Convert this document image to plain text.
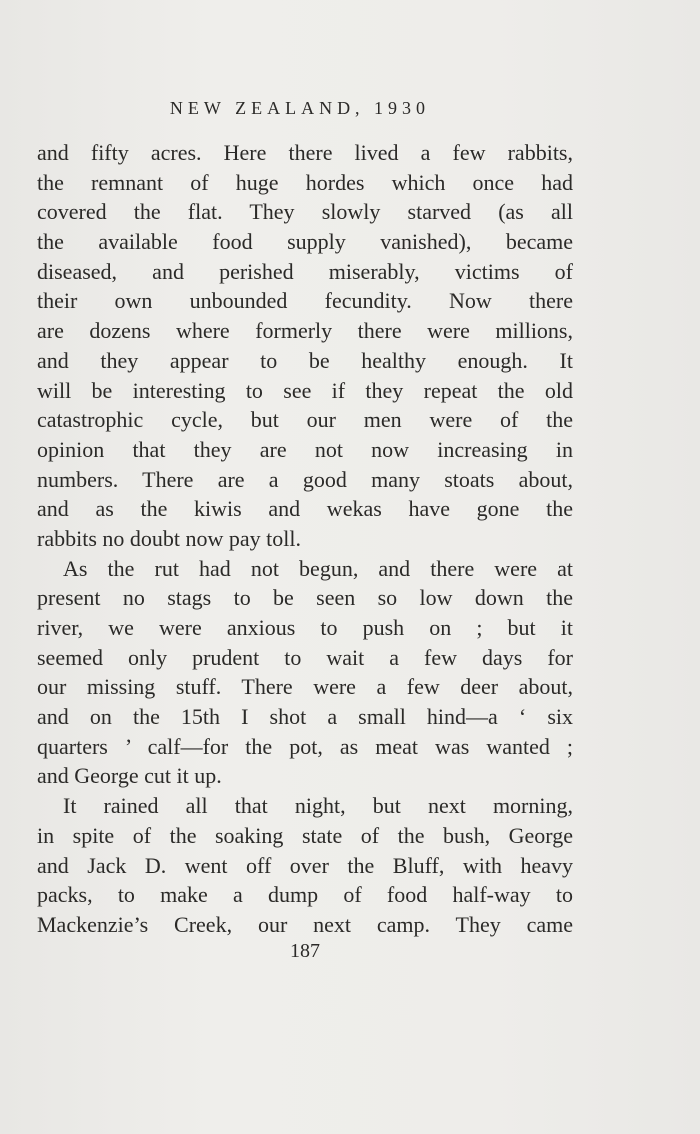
NEW ZEALAND, 1930
and fifty acres. Here there lived a few rabbits,
the remnant of huge hordes which once had
covered the flat. They slowly starved (as all
the available food supply vanished), became
diseased, and perished miserably, victims of
their own unbounded fecundity. Now there
are dozens where formerly there were millions,
and they appear to be healthy enough. It
will be interesting to see if they repeat the old
catastrophic cycle, but our men were of the
opinion that they are not now increasing in
numbers. There are a good many stoats about,
and as the kiwis and wekas have gone the
rabbits no doubt now pay toll.
As the rut had not begun, and there were at
present no stags to be seen so low down the
river, we were anxious to push on ; but it
seemed only prudent to wait a few days for
our missing stuff. There were a few deer about,
and on the 15th I shot a small hind—a ‘ six
quarters ’ calf—for the pot, as meat was wanted ;
and George cut it up.
It rained all that night, but next morning,
in spite of the soaking state of the bush, George
and Jack D. went off over the Bluff, with heavy
packs, to make a dump of food half-way to
Mackenzie’s Creek, our next camp. They came
187
